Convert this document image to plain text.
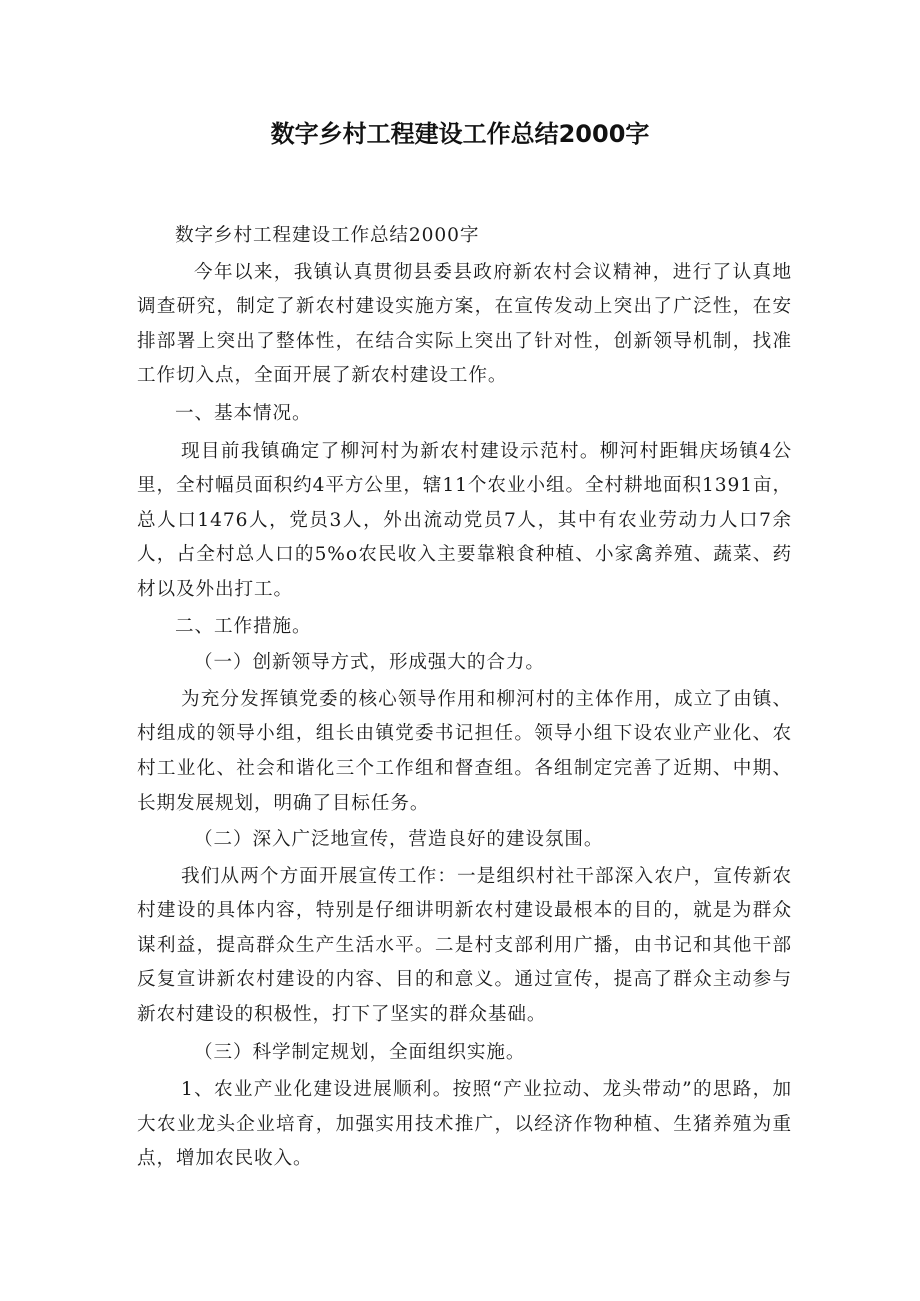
数字乡村工程建设工作总结2000字

数字乡村工程建设工作总结2000字

今年以来，我镇认真贯彻县委县政府新农村会议精神，进行了认真地调查研究，制定了新农村建设实施方案，在宣传发动上突出了广泛性，在安排部署上突出了整体性，在结合实际上突出了针对性，创新领导机制，找准工作切入点，全面开展了新农村建设工作。

一、基本情况。

现目前我镇确定了柳河村为新农村建设示范村。柳河村距辑庆场镇4公里，全村幅员面积约4平方公里，辖11个农业小组。全村耕地面积1391亩，总人口1476人，党员3人，外出流动党员7人，其中有农业劳动力人口7余人，占全村总人口的5%o农民收入主要靠粮食种植、小家禽养殖、蔬菜、药材以及外出打工。

二、工作措施。

（一）创新领导方式，形成强大的合力。

为充分发挥镇党委的核心领导作用和柳河村的主体作用，成立了由镇、村组成的领导小组，组长由镇党委书记担任。领导小组下设农业产业化、农村工业化、社会和谐化三个工作组和督查组。各组制定完善了近期、中期、长期发展规划，明确了目标任务。

（二）深入广泛地宣传，营造良好的建设氛围。

我们从两个方面开展宣传工作：一是组织村社干部深入农户，宣传新农村建设的具体内容，特别是仔细讲明新农村建设最根本的目的，就是为群众谋利益，提高群众生产生活水平。二是村支部利用广播，由书记和其他干部反复宣讲新农村建设的内容、目的和意义。通过宣传，提高了群众主动参与新农村建设的积极性，打下了坚实的群众基础。

（三）科学制定规划，全面组织实施。

1、农业产业化建设进展顺利。按照“产业拉动、龙头带动”的思路，加大农业龙头企业培育，加强实用技术推广，以经济作物种植、生猪养殖为重点，增加农民收入。
